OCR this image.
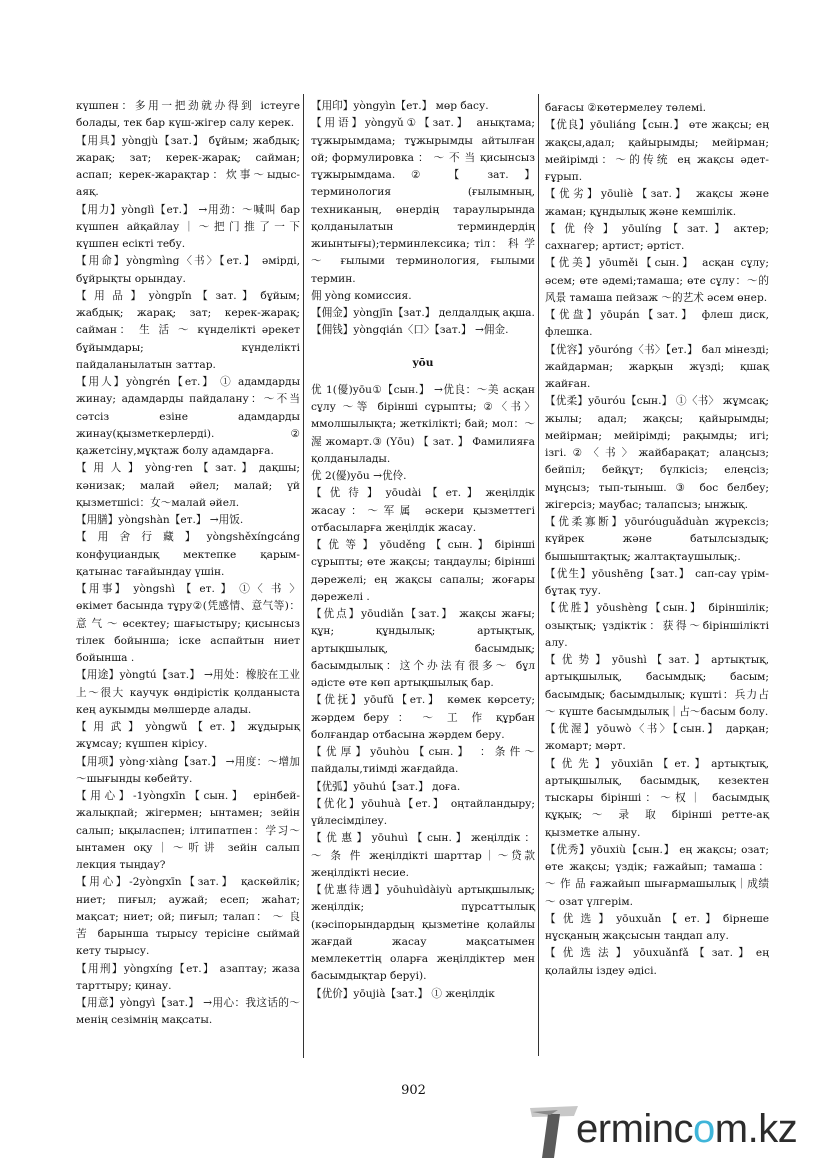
күшпен：多用一把劲就办得到 істеуге болады, тек бар күш-жігер салу керек.

【用具】yòngjù【зат.】 бұйым; жабдық; жарақ; зат; керек-жарақ; сайман; аспап; керек-жарақтар：炊事～ыдыс-аяқ.

【用力】yònglì【ет.】 →用劲：～喊叫 бар күшпен айқайлау｜～把门推了一下 күшпен есікті тебу.

【用命】yòngmìng〈书〉【ет.】 әмірді, бұйрықты орындау.

【 用 品 】 yòngpǐn 【 зат. 】 бұйым; жабдық; жарақ; зат; керек-жарақ; сайман： 生 活 ～ күнделікті әрекет бұйымдары; күнделікті пайдаланылатын заттар.

【用人】yòngrén【ет.】 ① адамдарды жинау; адамдарды пайдалану：～不当 сәтсіз езіне адамдарды жинау(қызметкерлерді). ② қажетсіну,мұқтаж болу адамдарға.

【 用 人 】 yòng·ren 【 зат. 】 дақшы; кәнизак; малай әйел; малай; үй қызметшісі：女～малай әйел.

【用膳】yòngshàn【ет.】 →用饭.

【 用 舍 行 藏 】 yòngshěxíngcáng конфуциандық мектепке қарым-қатынас тағайындау үшін.

【用事】 yòngshì 【 ет. 】 ①〈 书 〉 өкімет басында тұру②(凭感情、意气等)：意 气 ～ өсектеу; шағыстыру; қисынсыз тілек бойынша; іске аспайтын ниет бойынша .

【用途】yòngtú【зат.】 →用处：橡胶在工业上～很大 каучук өндірістік қолданыста кең аукымды мөлшерде алады.

【 用 武 】 yòngwǔ 【 ет. 】 жұдырық жұмсау; күшпен кірісу.

【用项】yòng·xiàng【зат.】 →用度：～增加～шығынды көбейту.

【用心】-1yòngxīn【сын.】 ерінбей-жалықпай; жігермен; ынтамен; зейін салып; ықыласпен; ілтипатпен：学习～ынтамен оқу｜～听讲 зейін салып лекция тыңдау?

【用心】-2yòngxīn【зат.】 қаскөйлік; ниет; пиғыл; аужай; есеп; жаһат; мақсат; ниет; ой; пиғыл; талап： ～ 良 苦 барынша тырысу терісіне сыймай кету тырысу.

【用刑】yòngxíng【ет.】 азаптау; жаза тарттыру; қинау.

【用意】yòngyì【зат.】 →用心：我这话的～ менің сезімнің мақсаты.

【用印】yòngyìn【ет.】 мөр басу.

【用语】yòngyǔ①【зат.】 анықтама; тұжырымдама; тұжырымды айтылған ой; формулировка ： ～ 不 当 қисынсыз тұжырымдама. ② 【 зат. 】 терминология (ғылымның, техниканың, өнердің тараулырында қолданылатын терминдердің жиынтығы);терминлексика; тіл： 科 学～ ғылыми терминология, ғылыми термин.

佣 yòng комиссия.

【佣金】yòngjīn【зат.】 делдалдық ақша.

【佣钱】yòngqián〈口〉【зат.】 →佣金.

yōu

优 1(優)yōu①【сын.】 →优良：～美 асқан сұлу ～等 бірінші сұрыпты; ②〈书〉 ммолшылықта; жеткілікті; бай; мол：～渥 жомарт.③ (Yōu) 【 зат. 】 Фамилияға қолданылады.

优 2(優)yōu →优伶.

【 优 待 】 yōudài 【 ет. 】 жеңілдік жасау：～军属 әскери қызметтегі отбасыларға жеңілдік жасау.

【 优 等 】 yōuděng 【 сын. 】 бірінші сұрыпты; өте жақсы; таңдаулы; бірінші дәрежелі; ең жақсы сапалы; жоғары дәрежелі .

【优点】yōudiǎn【зат.】 жақсы жағы; құн; құндылық; артықтық, артықшылық, басымдық; басымдылық：这个办法有很多～ бұл әдісте өте көп артықшылық бар.

【优抚】yōufǔ【ет.】 көмек көрсету; жәрдем беру ： ～ 工 作 құрбан болғандар отбасына жәрдем беру.

【优厚】yōuhòu【сын.】 ：条件～ пайдалы,тиімді жағдайда.

【优弧】yōuhú【зат.】 доға.

【优化】yōuhuà【ет.】 оңтайландыру; үйлесімділеу.

【 优 惠 】 yōuhuì 【 сын. 】 жеңілдік ： ～ 条 件 жеңілдікті шарттар｜～贷款 жеңілдікті несие.

【优惠待遇】yōuhuìdàiyù артықшылық; жеңілдік; пұрсаттылық (кәсіпорындардың қызметіне қолайлы жағдай жасау мақсатымен мемлекеттің оларға жеңілдіктер мен басымдықтар беруі).

【优价】yōujià【зат.】 ① жеңілдік

бағасы ②көтермелеу төлемі.

【优良】yōuliáng【сын.】 өте жақсы; ең жақсы,адал; қайырымды; мейірман; мейірімді：～的传统 ең жақсы әдет-ғұрып.

【优劣】yōuliè【зат.】 жақсы және жаман; құндылық және кемшілік.

【 优 伶 】 yōulíng 【 зат. 】 актер; сахнагер; артист; әртіст.

【优美】yōuměi【сын.】 асқан сұлу; әсем; өте әдемі;тамаша; өте сұлу：～的风景 тамаша пейзаж ～的艺术 әсем өнер.

【优盘】yōupán【зат.】 флеш диск, флешка.

【优容】yōuróng〈书〉【ет.】 бал мінезді; жайдарман; жарқын жүзді; қшақ жайған.

【优柔】yōuróu【сын.】 ①〈书〉 жұмсақ; жылы; адал; жақсы; қайырымды; мейірман; мейірімді; рақымды; игі; ізгі.②〈书〉жайбарақат; алаңсыз; бейпіл; бейқұт; бүлкісіз; елеңсіз; мұңсыз; тып-тыныш. ③ бос белбеу; жігерсіз; маубас; талапсыз; ынжық.

【优柔寡断】yōuróuguǎduàn жүрексіз; күйрек және батылсыздық; бышыштақтық; жалтақтаушылық;.

【优生】yōushēng【зат.】 сап-сау үрім-бұтақ туу.

【优胜】yōushèng【сын.】 біріншілік; озықтық; үздіктік：获得～біріншілікті алу.

【 优 势 】 yōushì 【 зат. 】 артықтық, артықшылық, басымдық; басым; басымдық; басымдылық; күшті：兵力占～ күште басымдылық｜占～басым болу.

【优渥】yōuwò〈书〉【сын.】 дарқан; жомарт; мәрт.

【 优 先 】 yōuxiān 【 ет. 】 артықтық, артықшылық, басымдық, кезектен тыскары бірінші：～权｜ басымдық құқық; ～ 录 取 бірінші ретте-ақ қызметке алыну.

【优秀】yōuxiù【сын.】 ең жақсы; озат; өте жақсы; үздік; ғажайып; тамаша： ～ 作 品 ғажайып шығармашылық｜成绩～ озат үлгерім.

【 优 选 】 yōuxuǎn 【 ет. 】 бірнеше нұсқаның жақсысын таңдап алу.

【 优 选 法 】 yōuxuǎnfǎ 【 зат. 】 ең қолайлы іздеу әдісі.

902
ermincom.kz
